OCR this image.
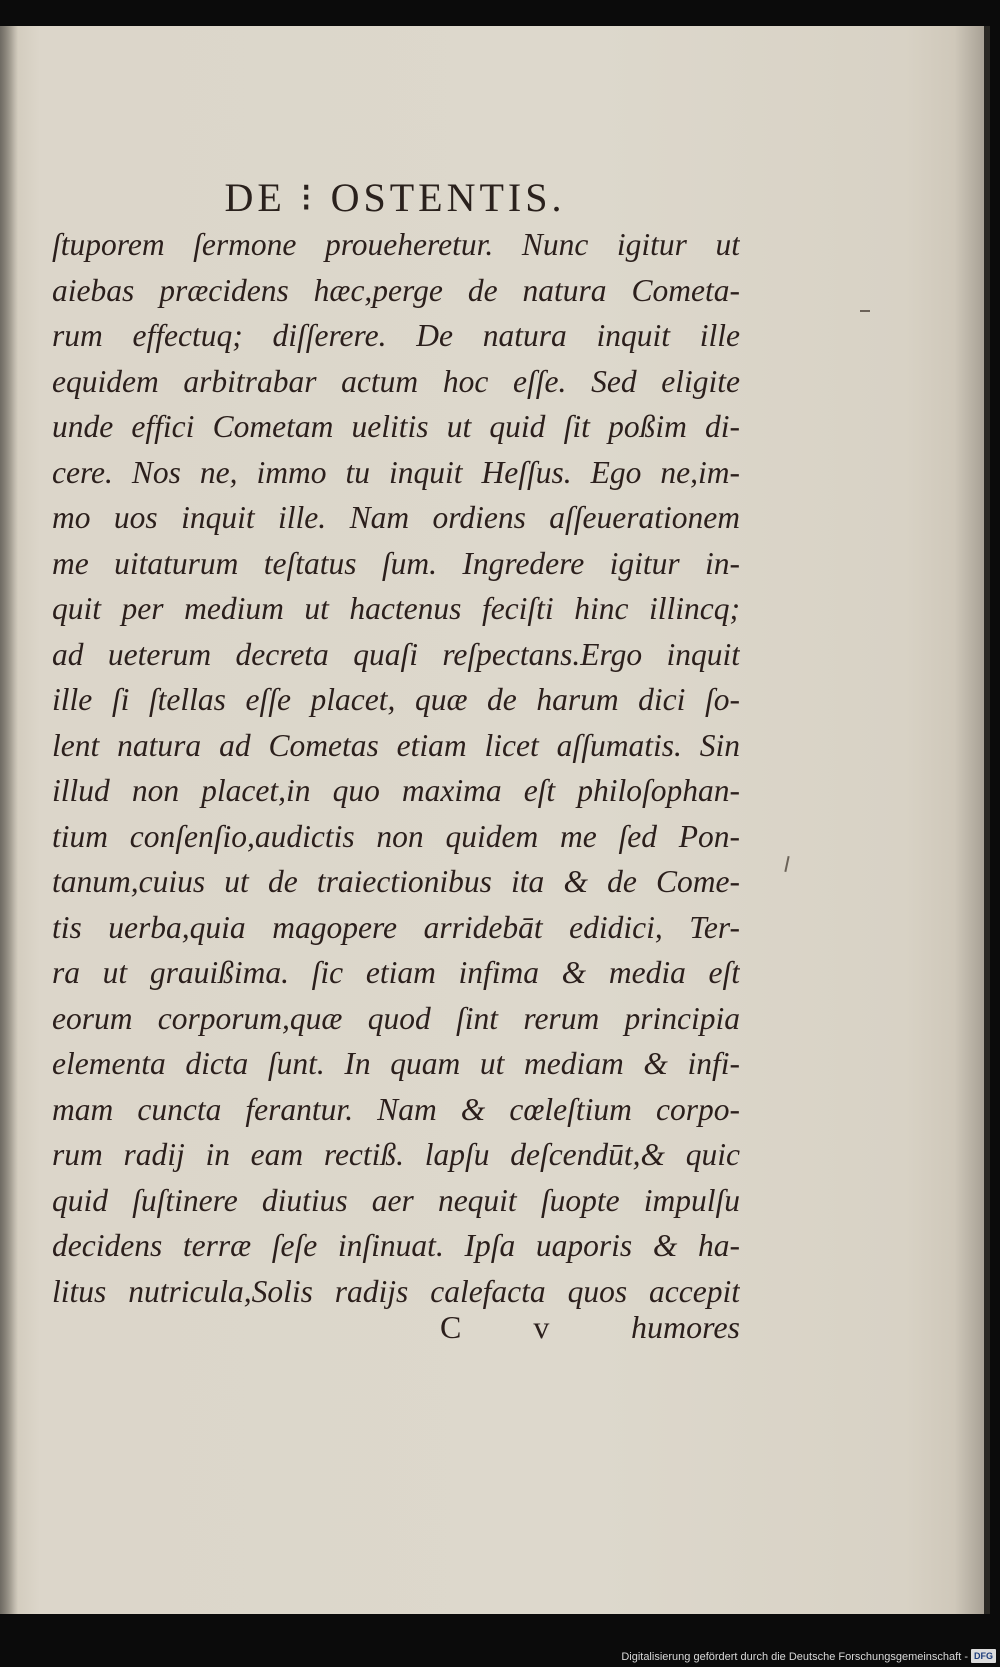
DE ⁝ OSTENTIS.
ſtuporem ſermone proueheretur. Nunc igitur ut
aiebas præcidens hæc,perge de natura Cometa-
rum effectuq; diſſerere. De natura inquit ille
equidem arbitrabar actum hoc eſſe. Sed eligite
unde effici Cometam uelitis ut quid ſit poßim di-
cere. Nos ne, immo tu inquit Heſſus. Ego ne,im-
mo uos inquit ille. Nam ordiens aſſeuerationem
me uitaturum teſtatus ſum. Ingredere igitur in-
quit per medium ut hactenus feciſti hinc illincq;
ad ueterum decreta quaſi reſpectans.Ergo inquit
ille ſi ſtellas eſſe placet, quæ de harum dici ſo-
lent natura ad Cometas etiam licet aſſumatis. Sin
illud non placet,in quo maxima eſt philoſophan-
tium conſenſio,audictis non quidem me ſed Pon-
tanum,cuius ut de traiectionibus ita & de Come-
tis uerba,quia magopere arridebāt edidici, Ter-
ra ut grauißima. ſic etiam infima & media eſt
eorum corporum,quæ quod ſint rerum principia
elementa dicta ſunt. In quam ut mediam & infi-
mam cuncta ferantur. Nam & cœleſtium corpo-
rum radij in eam rectiß. lapſu deſcendūt,& quic
quid ſuſtinere diutius aer nequit ſuopte impulſu
decidens terræ ſeſe inſinuat. Ipſa uaporis & ha-
litus nutricula,Solis radijs calefacta quos accepit
C v humores
Digitalisierung gefördert durch die Deutsche Forschungsgemeinschaft - DFG
